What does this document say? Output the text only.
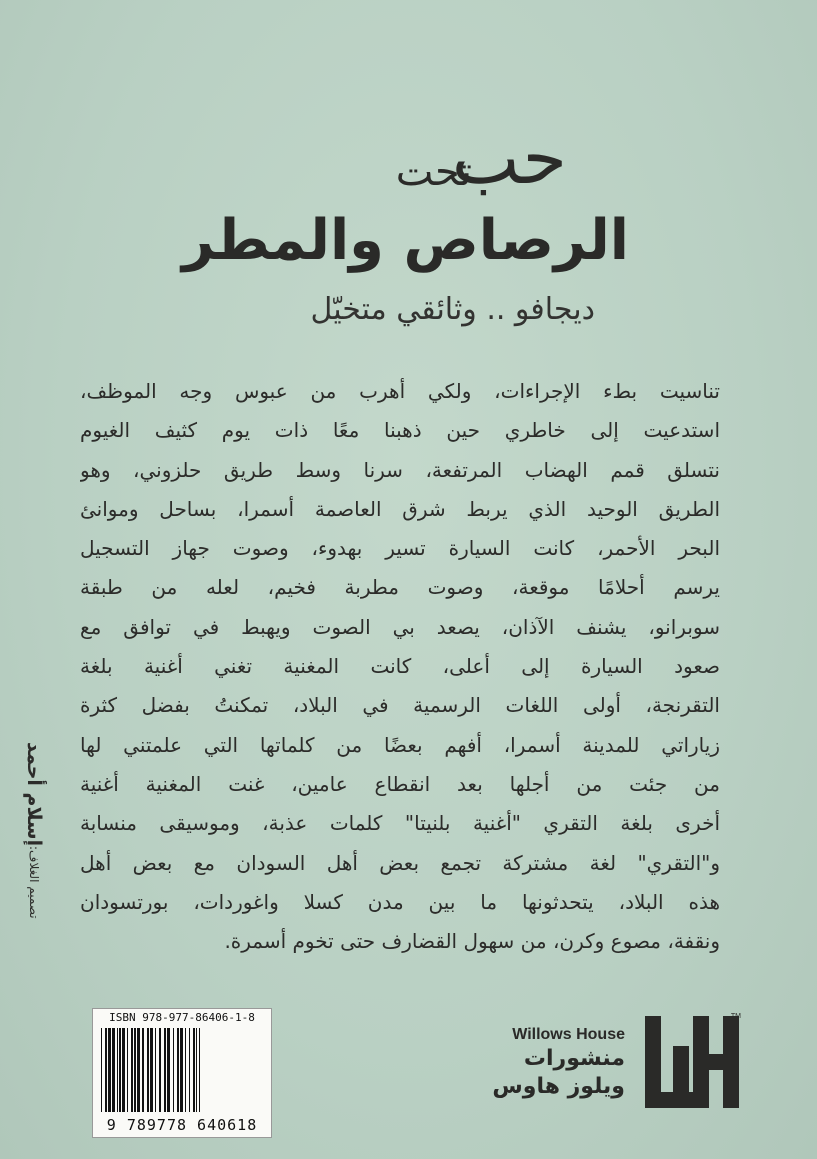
حب
تحت
الرصاص والمطر
ديجافو .. وثائقي متخيّل
تناسيت بطء الإجراءات، ولكي أهرب من عبوس وجه الموظف،
استدعيت إلى خاطري حين ذهبنا معًا ذات يوم كثيف الغيوم
نتسلق قمم الهضاب المرتفعة، سرنا وسط طريق حلزوني، وهو
الطريق الوحيد الذي يربط شرق العاصمة أسمرا، بساحل وموانئ
البحر الأحمر، كانت السيارة تسير بهدوء، وصوت جهاز التسجيل
يرسم أحلامًا موقعة، وصوت مطربة فخيم، لعله من طبقة
سوبرانو، يشنف الآذان، يصعد بي الصوت ويهبط في توافق مع
صعود السيارة إلى أعلى، كانت المغنية تغني أغنية بلغة
التقرنجة، أولى اللغات الرسمية في البلاد، تمكنتُ بفضل كثرة
زياراتي للمدينة أسمرا، أفهم بعضًا من كلماتها التي علمتني لها
من جئت من أجلها بعد انقطاع عامين، غنت المغنية أغنية
أخرى بلغة التقري "أغنية بلنيتا" كلمات عذبة، وموسيقى منسابة
و"التقري" لغة مشتركة تجمع بعض أهل السودان مع بعض أهل
هذه البلاد، يتحدثونها ما بين مدن كسلا واغوردات، بورتسودان
ونقفة، مصوع وكرن، من سهول القضارف حتى تخوم أسمرة.
تصميم الغلاف:
إسلام أحمد
ISBN 978-977-86406-1-8
9 789778 640618
Willows House
منشورات
ويلوز هاوس
TM
